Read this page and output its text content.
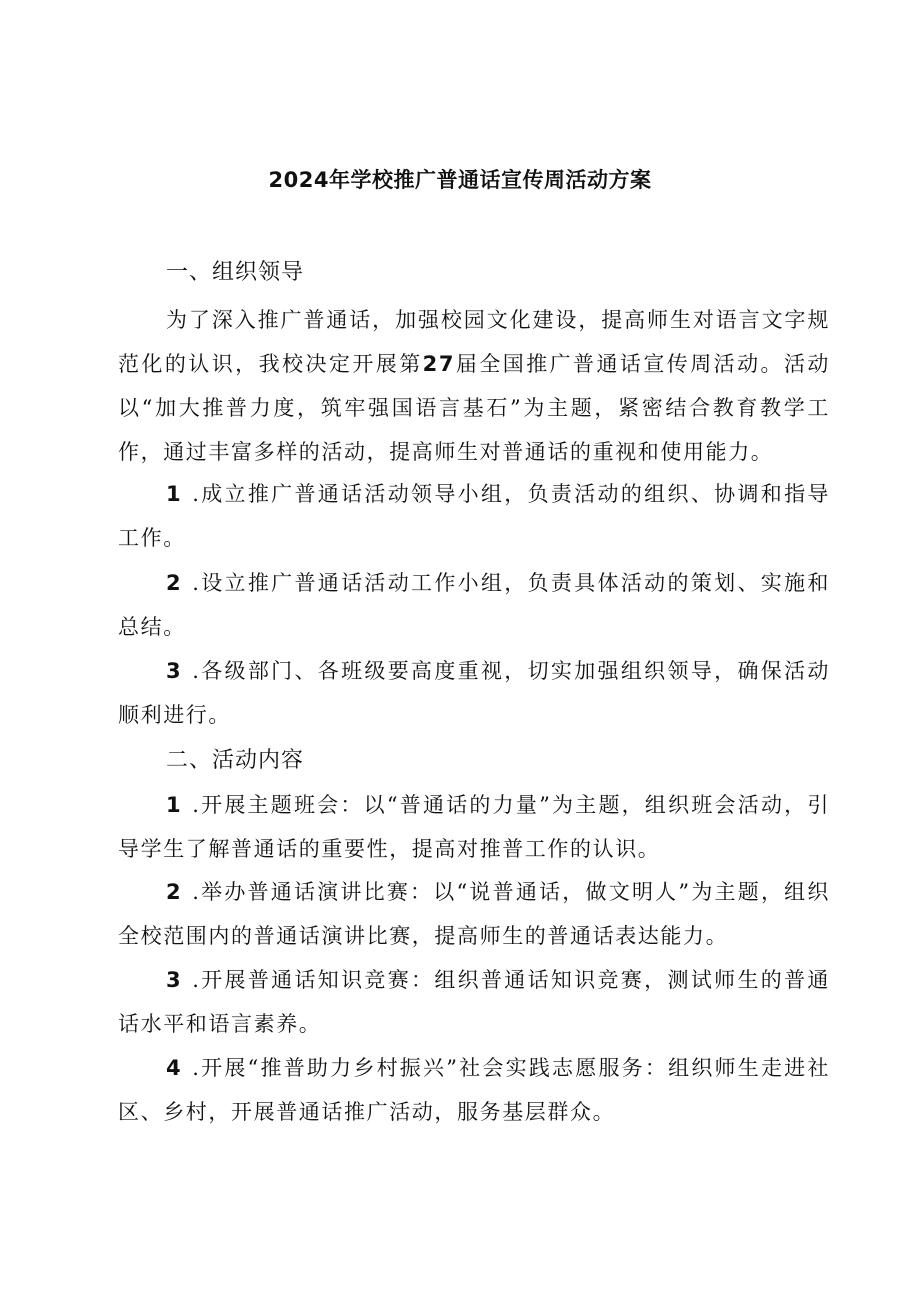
2024年学校推广普通话宣传周活动方案
一、组织领导

为了深入推广普通话，加强校园文化建设，提高师生对语言文字规范化的认识，我校决定开展第27届全国推广普通话宣传周活动。活动以“加大推普力度，筑牢强国语言基石”为主题，紧密结合教育教学工作，通过丰富多样的活动，提高师生对普通话的重视和使用能力。

1 .成立推广普通话活动领导小组，负责活动的组织、协调和指导工作。

2 .设立推广普通话活动工作小组，负责具体活动的策划、实施和总结。

3 .各级部门、各班级要高度重视，切实加强组织领导，确保活动顺利进行。

二、活动内容

1 .开展主题班会：以“普通话的力量”为主题，组织班会活动，引导学生了解普通话的重要性，提高对推普工作的认识。

2 .举办普通话演讲比赛：以“说普通话，做文明人”为主题，组织全校范围内的普通话演讲比赛，提高师生的普通话表达能力。

3 .开展普通话知识竞赛：组织普通话知识竞赛，测试师生的普通话水平和语言素养。

4 .开展“推普助力乡村振兴”社会实践志愿服务：组织师生走进社区、乡村，开展普通话推广活动，服务基层群众。
